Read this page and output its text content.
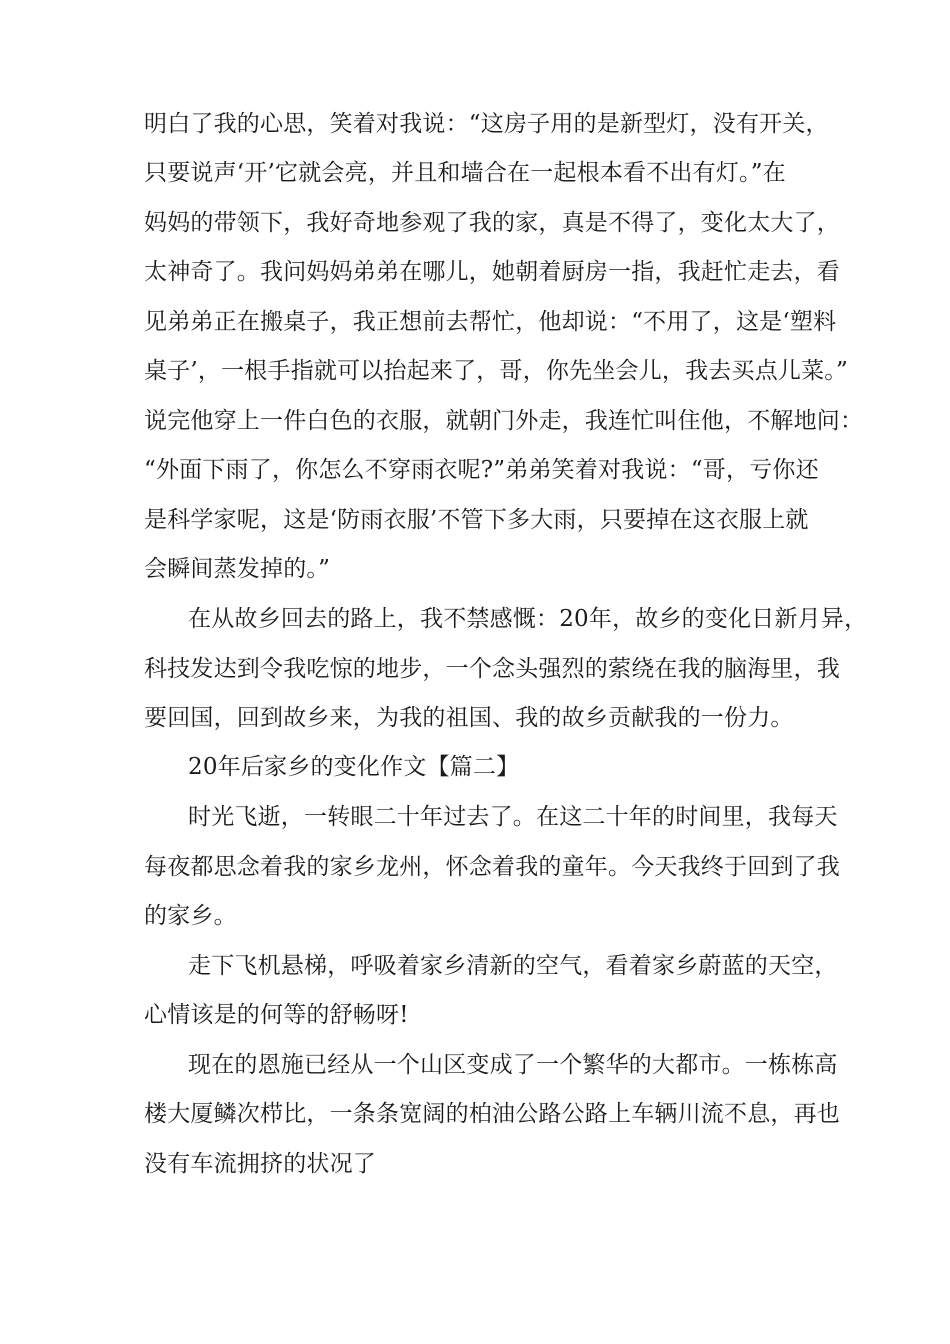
明白了我的心思，笑着对我说：“这房子用的是新型灯，没有开关，
只要说声‘开’它就会亮，并且和墙合在一起根本看不出有灯。”在
妈妈的带领下，我好奇地参观了我的家，真是不得了，变化太大了，
太神奇了。我问妈妈弟弟在哪儿，她朝着厨房一指，我赶忙走去，看
见弟弟正在搬桌子，我正想前去帮忙，他却说：“不用了，这是‘塑料
桌子’，一根手指就可以抬起来了，哥，你先坐会儿，我去买点儿菜。”
说完他穿上一件白色的衣服，就朝门外走，我连忙叫住他，不解地问：
“外面下雨了，你怎么不穿雨衣呢?”弟弟笑着对我说：“哥，亏你还
是科学家呢，这是‘防雨衣服’不管下多大雨，只要掉在这衣服上就
会瞬间蒸发掉的。”
在从故乡回去的路上，我不禁感慨：20年，故乡的变化日新月异，
科技发达到令我吃惊的地步，一个念头强烈的萦绕在我的脑海里，我
要回国，回到故乡来，为我的祖国、我的故乡贡献我的一份力。
20年后家乡的变化作文【篇二】
时光飞逝，一转眼二十年过去了。在这二十年的时间里，我每天
每夜都思念着我的家乡龙州，怀念着我的童年。今天我终于回到了我
的家乡。
走下飞机悬梯，呼吸着家乡清新的空气，看着家乡蔚蓝的天空，
心情该是的何等的舒畅呀!
现在的恩施已经从一个山区变成了一个繁华的大都市。一栋栋高
楼大厦鳞次栉比，一条条宽阔的柏油公路公路上车辆川流不息，再也
没有车流拥挤的状况了
